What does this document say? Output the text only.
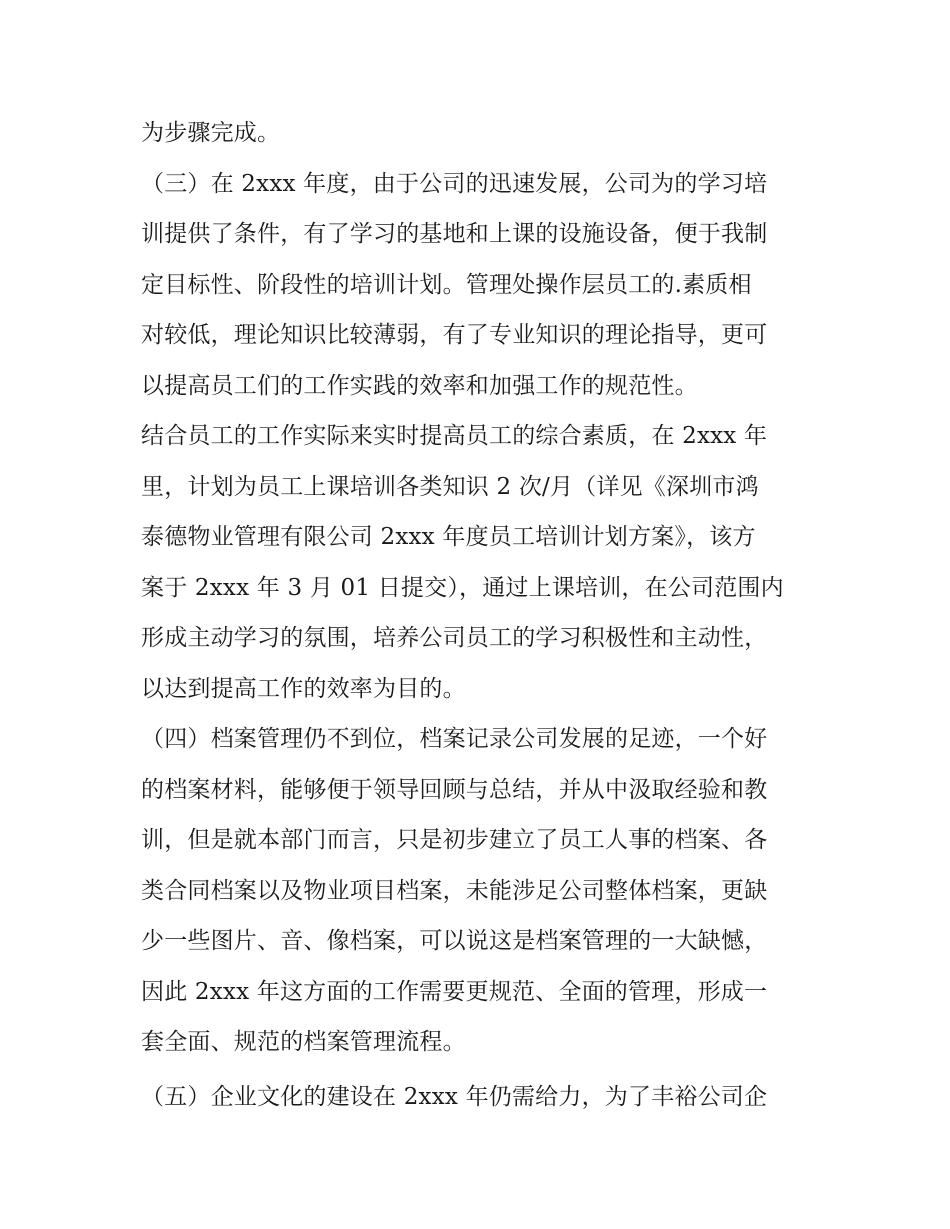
为步骤完成。
（三）在 2xxx 年度，由于公司的迅速发展，公司为的学习培
训提供了条件，有了学习的基地和上课的设施设备，便于我制
定目标性、阶段性的培训计划。管理处操作层员工的.素质相
对较低，理论知识比较薄弱，有了专业知识的理论指导，更可
以提高员工们的工作实践的效率和加强工作的规范性。
结合员工的工作实际来实时提高员工的综合素质，在 2xxx 年
里，计划为员工上课培训各类知识 2 次/月（详见《深圳市鸿
泰德物业管理有限公司 2xxx 年度员工培训计划方案》，该方
案于 2xxx 年 3 月 01 日提交），通过上课培训，在公司范围内
形成主动学习的氛围，培养公司员工的学习积极性和主动性，
以达到提高工作的效率为目的。
（四）档案管理仍不到位，档案记录公司发展的足迹，一个好
的档案材料，能够便于领导回顾与总结，并从中汲取经验和教
训，但是就本部门而言，只是初步建立了员工人事的档案、各
类合同档案以及物业项目档案，未能涉足公司整体档案，更缺
少一些图片、音、像档案，可以说这是档案管理的一大缺憾，
因此 2xxx 年这方面的工作需要更规范、全面的管理，形成一
套全面、规范的档案管理流程。
（五）企业文化的建设在 2xxx 年仍需给力，为了丰裕公司企
